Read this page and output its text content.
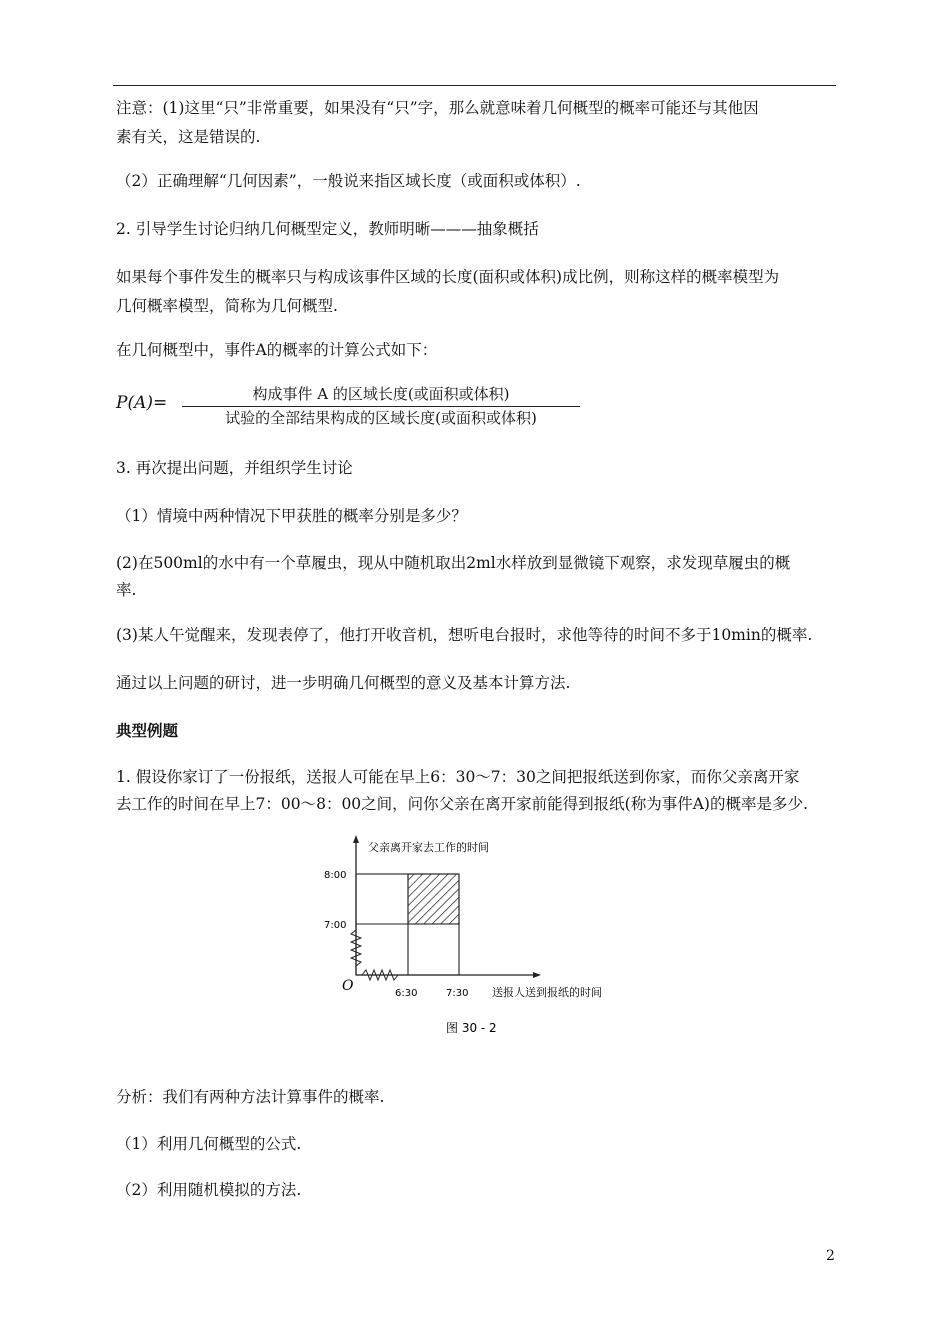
注意：(1)这里“只”非常重要，如果没有“只”字，那么就意味着几何概型的概率可能还与其他因
素有关，这是错误的.
（2）正确理解“几何因素”，一般说来指区域长度（或面积或体积）.
2. 引导学生讨论归纳几何概型定义，教师明晰———抽象概括
如果每个事件发生的概率只与构成该事件区域的长度(面积或体积)成比例，则称这样的概率模型为
几何概率模型，简称为几何概型.
在几何概型中，事件A的概率的计算公式如下：
P(A)=	构成事件 A 的区域长度(或面积或体积)
试验的全部结果构成的区域长度(或面积或体积)
3. 再次提出问题，并组织学生讨论
（1）情境中两种情况下甲获胜的概率分别是多少？
(2)在500ml的水中有一个草履虫，现从中随机取出2ml水样放到显微镜下观察，求发现草履虫的概
率.
(3)某人午觉醒来，发现表停了，他打开收音机，想听电台报时，求他等待的时间不多于10min的概率.
通过以上问题的研讨，进一步明确几何概型的意义及基本计算方法.
典型例题
1. 假设你家订了一份报纸，送报人可能在早上6：30～7：30之间把报纸送到你家，而你父亲离开家
去工作的时间在早上7：00～8：00之间，问你父亲在离开家前能得到报纸(称为事件A)的概率是多少.
父亲离开家去工作的时间
8:00
7:00
6:30	7:30
O	送报人送到报纸的时间
图 30 - 2
分析：我们有两种方法计算事件的概率.
（1）利用几何概型的公式.
（2）利用随机模拟的方法.
2
